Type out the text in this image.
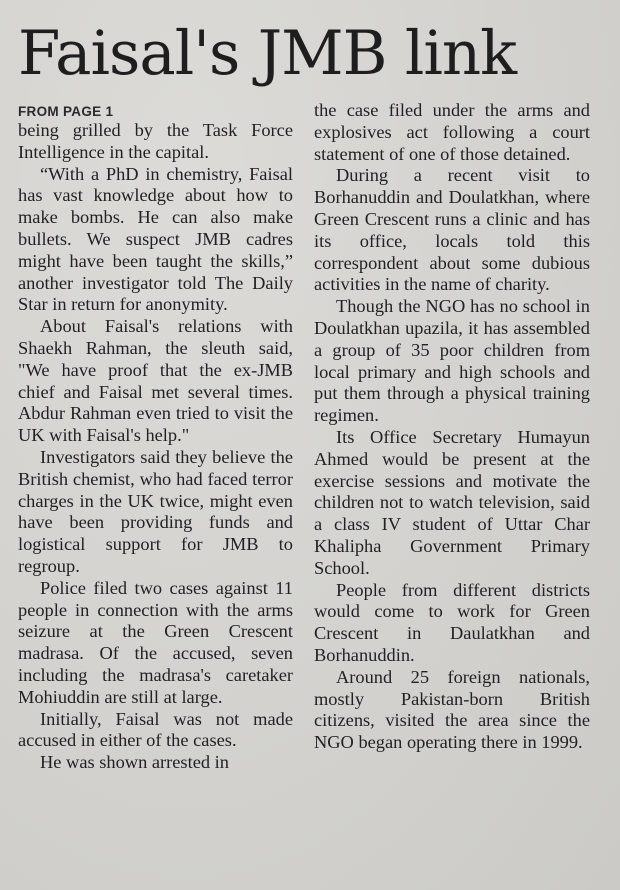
Faisal's JMB link
FROM PAGE 1

being grilled by the Task Force Intelligence in the capital.

“With a PhD in chemistry, Faisal has vast knowledge about how to make bombs. He can also make bullets. We suspect JMB cadres might have been taught the skills,” another investigator told The Daily Star in return for anonymity.

About Faisal's relations with Shaekh Rahman, the sleuth said, "We have proof that the ex-JMB chief and Faisal met several times. Abdur Rahman even tried to visit the UK with Faisal's help."

Investigators said they believe the British chemist, who had faced terror charges in the UK twice, might even have been providing funds and logistical support for JMB to regroup.

Police filed two cases against 11 people in connection with the arms seizure at the Green Crescent madrasa. Of the accused, seven including the madrasa's caretaker Mohiuddin are still at large.

Initially, Faisal was not made accused in either of the cases.

He was shown arrested in

the case filed under the arms and explosives act following a court statement of one of those detained.

During a recent visit to Borhanuddin and Doulatkhan, where Green Crescent runs a clinic and has its office, locals told this correspondent about some dubious activities in the name of charity.

Though the NGO has no school in Doulatkhan upazila, it has assembled a group of 35 poor children from local primary and high schools and put them through a physical training regimen.

Its Office Secretary Humayun Ahmed would be present at the exercise sessions and motivate the children not to watch television, said a class IV student of Uttar Char Khalipha Government Primary School.

People from different districts would come to work for Green Crescent in Daulatkhan and Borhanuddin.

Around 25 foreign nationals, mostly Pakistan-born British citizens, visited the area since the NGO began operating there in 1999.
